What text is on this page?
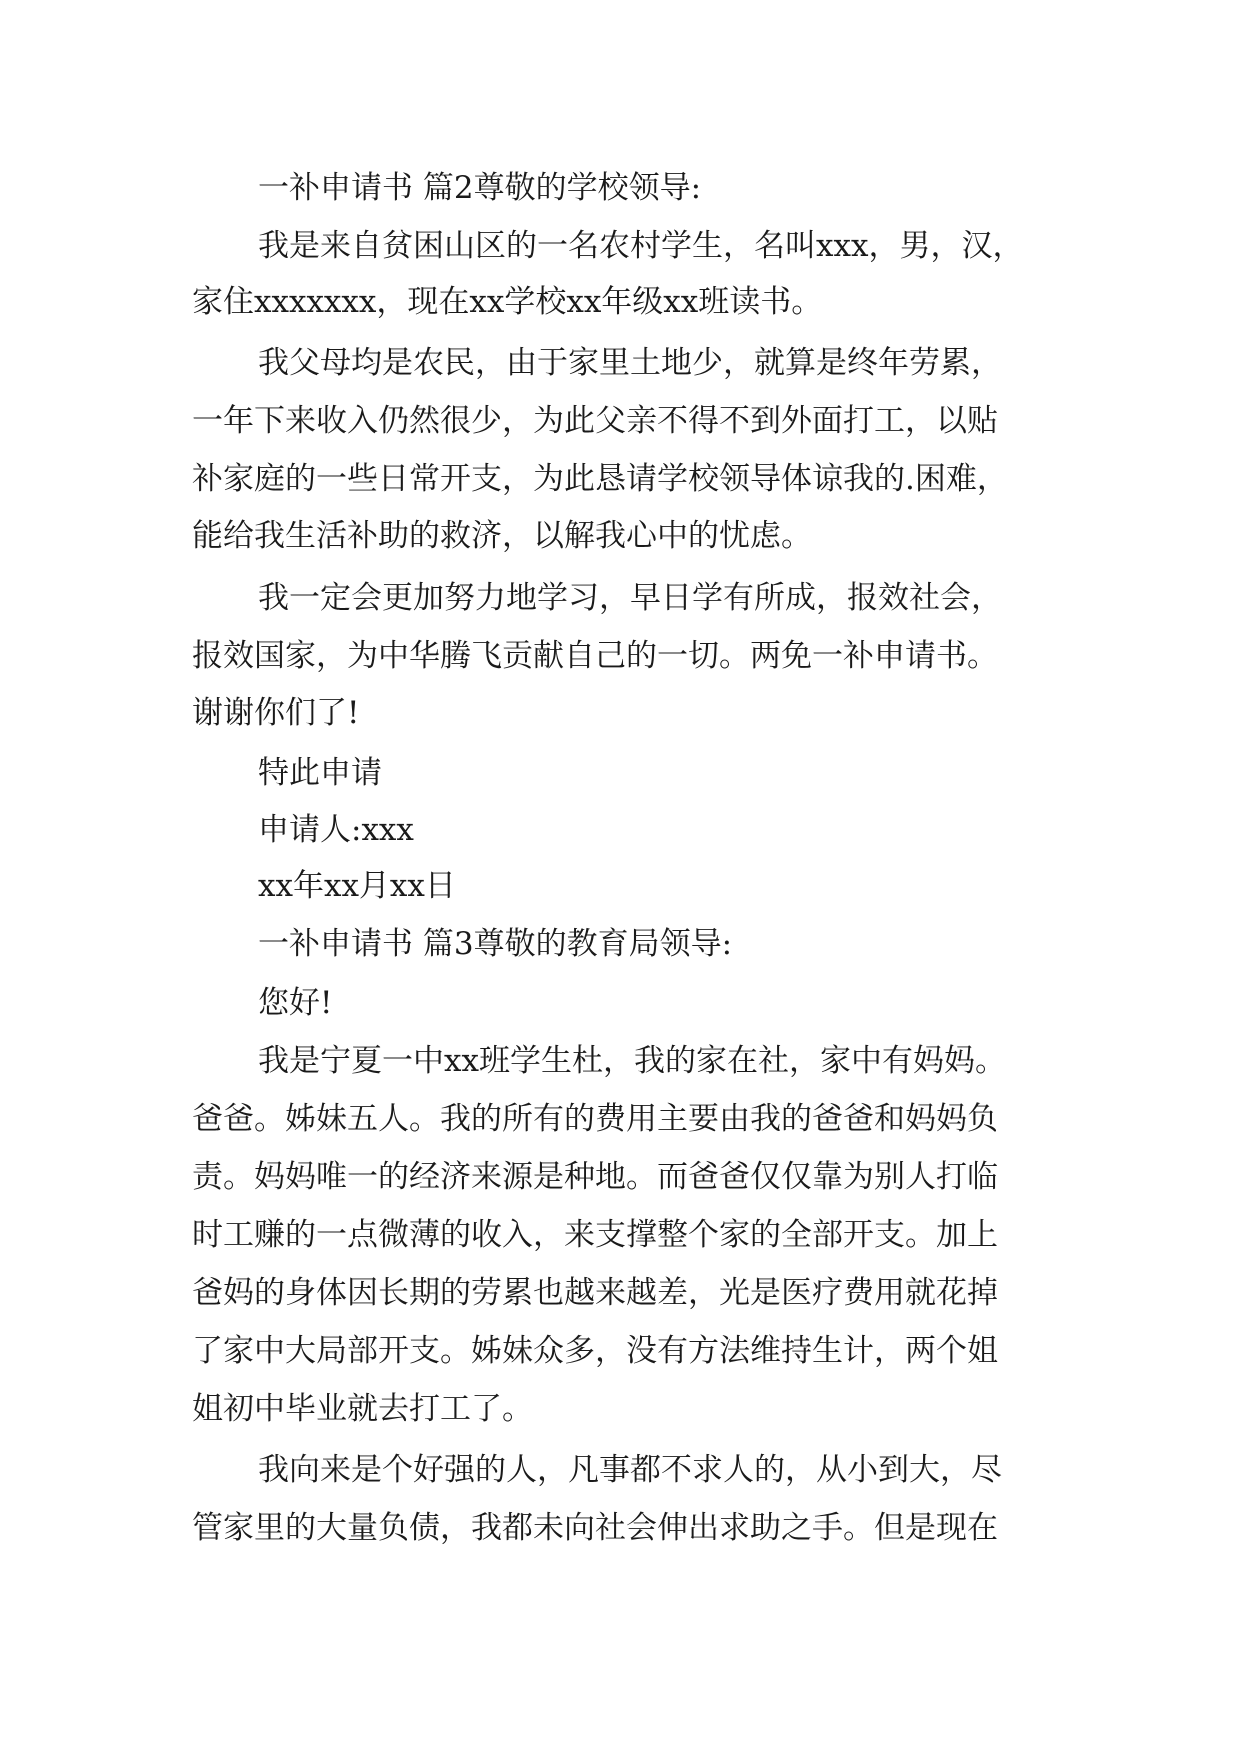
一补申请书 篇2尊敬的学校领导:
我是来自贫困山区的一名农村学生，名叫xxx，男，汉，
家住xxxxxxx，现在xx学校xx年级xx班读书。
我父母均是农民，由于家里土地少，就算是终年劳累，
一年下来收入仍然很少，为此父亲不得不到外面打工，以贴
补家庭的一些日常开支，为此恳请学校领导体谅我的.困难，
能给我生活补助的救济，以解我心中的忧虑。
我一定会更加努力地学习，早日学有所成，报效社会，
报效国家，为中华腾飞贡献自己的一切。两免一补申请书。
谢谢你们了!
特此申请
申请人:xxx
xx年xx月xx日
一补申请书 篇3尊敬的教育局领导:
您好!
我是宁夏一中xx班学生杜，我的家在社，家中有妈妈。
爸爸。姊妹五人。我的所有的费用主要由我的爸爸和妈妈负
责。妈妈唯一的经济来源是种地。而爸爸仅仅靠为别人打临
时工赚的一点微薄的收入，来支撑整个家的全部开支。加上
爸妈的身体因长期的劳累也越来越差，光是医疗费用就花掉
了家中大局部开支。姊妹众多，没有方法维持生计，两个姐
姐初中毕业就去打工了。
我向来是个好强的人，凡事都不求人的，从小到大，尽
管家里的大量负债，我都未向社会伸出求助之手。但是现在
